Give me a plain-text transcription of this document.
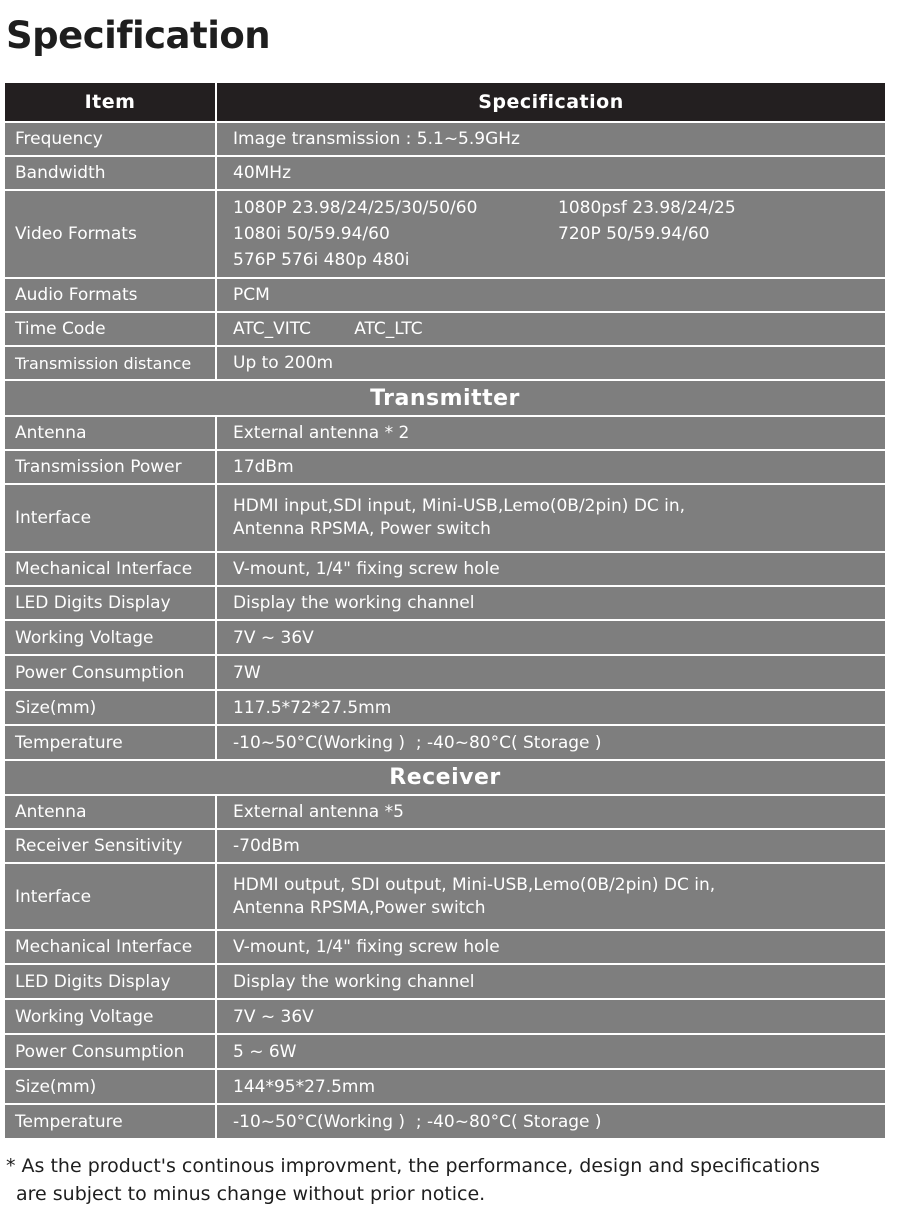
Specification
Item	Specification
Frequency	Image transmission : 5.1~5.9GHz
Bandwidth	40MHz
Video Formats	1080P 23.98/24/25/30/50/60
1080i 50/59.94/60
576P 576i 480p 480i
1080psf 23.98/24/25
720P 50/59.94/60

Audio Formats	PCM
Time Code	ATC_VITC        ATC_LTC
Transmission distance	Up to 200m
Transmitter	
Antenna	External antenna * 2
Transmission Power	17dBm
Interface	HDMI input,SDI input, Mini-USB,Lemo(0B/2pin) DC in,
Antenna RPSMA, Power switch

Mechanical Interface	V-mount, 1/4" fixing screw hole
LED Digits Display	Display the working channel
Working Voltage	7V ~ 36V
Power Consumption	7W
Size(mm)	117.5*72*27.5mm
Temperature	-10~50°C(Working )  ; -40~80°C( Storage )
Receiver	
Antenna	External antenna *5
Receiver Sensitivity	-70dBm
Interface	HDMI output, SDI output, Mini-USB,Lemo(0B/2pin) DC in,
Antenna RPSMA,Power switch

Mechanical Interface	V-mount, 1/4" fixing screw hole
LED Digits Display	Display the working channel
Working Voltage	7V ~ 36V
Power Consumption	5 ~ 6W
Size(mm)	144*95*27.5mm
Temperature	-10~50°C(Working )  ; -40~80°C( Storage )
* As the product's continous improvment, the performance, design and specifications
are subject to minus change without prior notice.
